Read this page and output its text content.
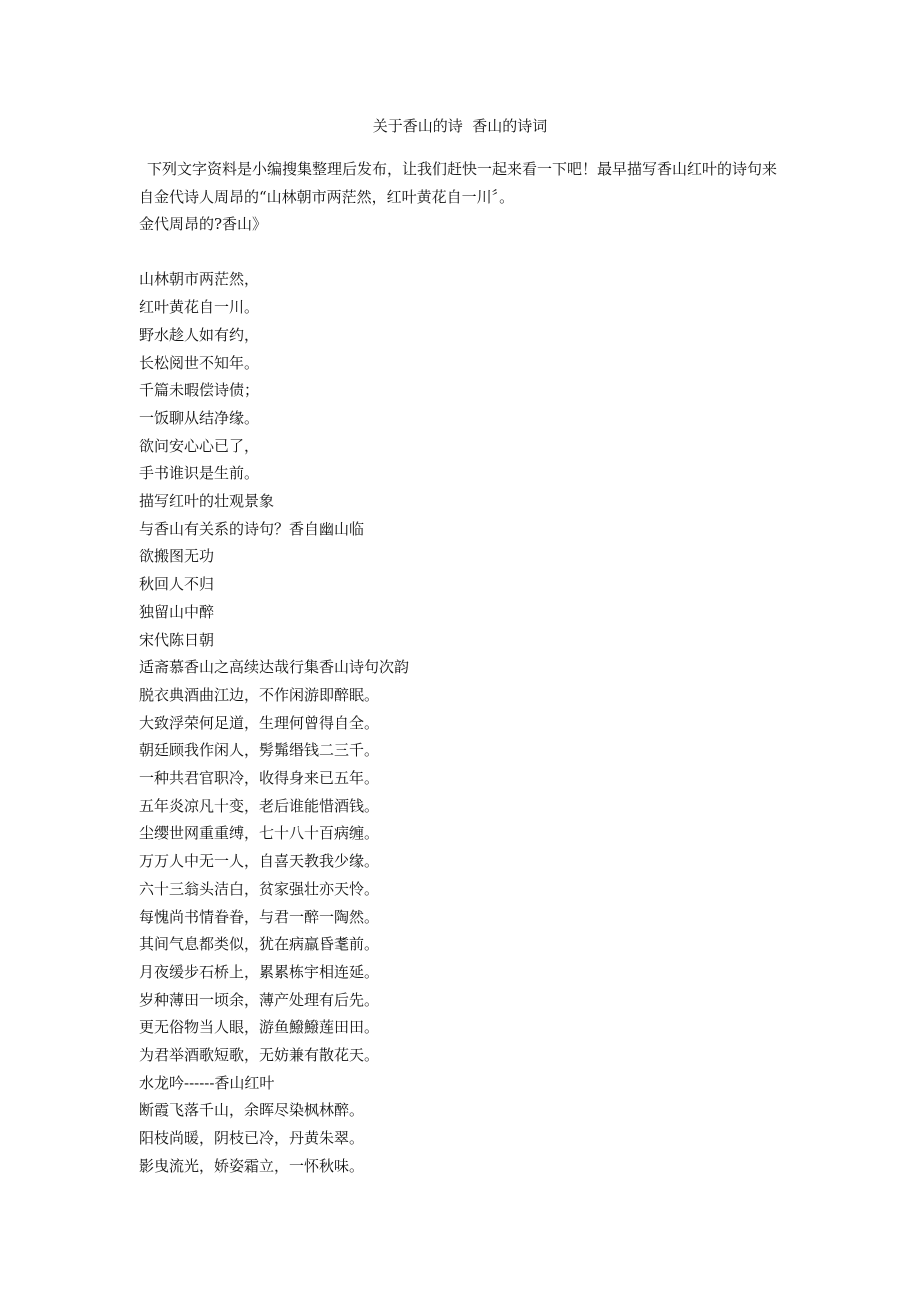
关于香山的诗  香山的诗词

下列文字资料是小编搜集整理后发布，让我们赶快一起来看一下吧！最早描写香山红叶的诗句来自金代诗人周昂的“山林朝市两茫然，红叶黄花自一川〞。

金代周昂的?香山》

山林朝市两茫然，

红叶黄花自一川。

野水趁人如有约，

长松阅世不知年。

千篇未暇偿诗债；

一饭聊从结净缘。

欲问安心心已了，

手书谁识是生前。

描写红叶的壮观景象

与香山有关系的诗句？香自幽山临

欲搬图无功

秋回人不归

独留山中醉

宋代陈日朝

适斋慕香山之高续达哉行集香山诗句次韵

脱衣典酒曲江边，不作闲游即醉眠。

大致浮荣何足道，生理何曾得自全。

朝廷顾我作闲人，髣髴缗钱二三千。

一种共君官职冷，收得身来已五年。

五年炎凉凡十变，老后谁能惜酒钱。

尘缨世网重重缚，七十八十百病缠。

万万人中无一人，自喜天教我少缘。

六十三翁头洁白，贫家强壮亦天怜。

每愧尚书情眷眷，与君一醉一陶然。

其间气息都类似，犹在病羸昏耄前。

月夜缓步石桥上，累累栋宇相连延。

岁种薄田一顷余，薄产处理有后先。

更无俗物当人眼，游鱼鱍鱍莲田田。

为君举酒歌短歌，无妨兼有散花天。

水龙吟------香山红叶

断霞飞落千山，余晖尽染枫林醉。

阳枝尚暖，阴枝已冷，丹黄朱翠。

影曳流光，娇姿霜立，一怀秋味。
